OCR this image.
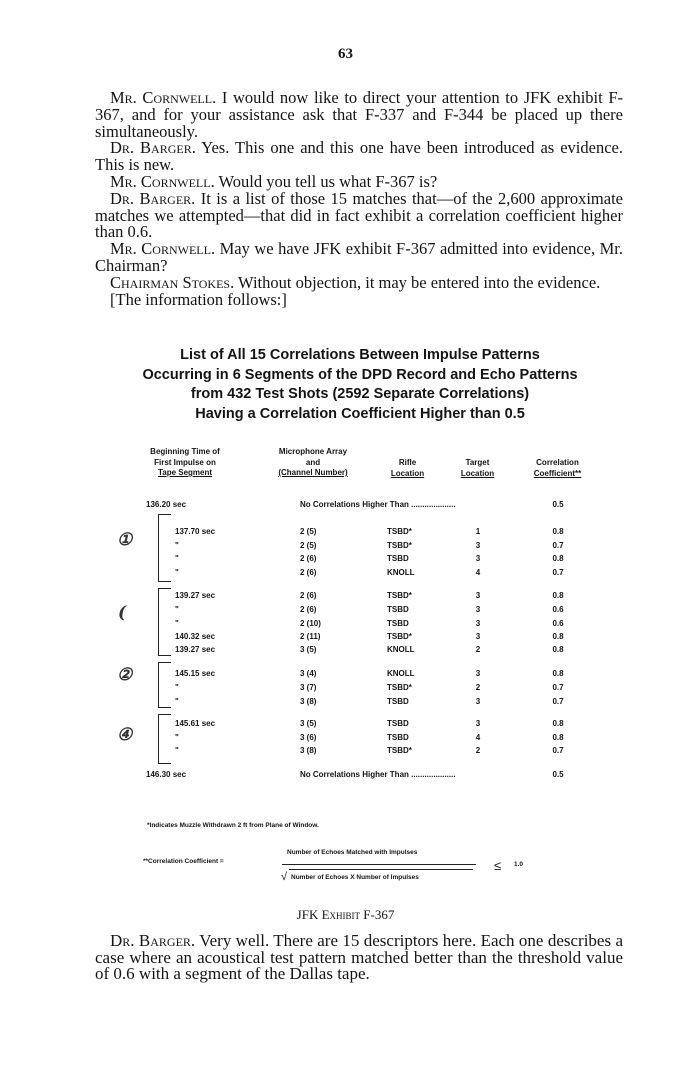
63

Mr. Cornwell. I would now like to direct your attention to JFK exhibit F-367, and for your assistance ask that F-337 and F-344 be placed up there simultaneously.

Dr. Barger. Yes. This one and this one have been introduced as evidence. This is new.

Mr. Cornwell. Would you tell us what F-367 is?

Dr. Barger. It is a list of those 15 matches that—of the 2,600 approximate matches we attempted—that did in fact exhibit a correlation coefficient higher than 0.6.

Mr. Cornwell. May we have JFK exhibit F-367 admitted into evidence, Mr. Chairman?

Chairman Stokes. Without objection, it may be entered into the evidence.

[The information follows:]

List of All 15 Correlations Between Impulse Patterns
Occurring in 6 Segments of the DPD Record and Echo Patterns
from 432 Test Shots (2592 Separate Correlations)
Having a Correlation Coefficient Higher than 0.5
Beginning Time of
First Impulse on
Tape Segment
Microphone Array
and
(Channel Number)
Rifle
Location
Target
Location
Correlation
Coefficient**
136.20 sec	No Correlations Higher Than ....................	0.5
137.70 sec	2 (5)	TSBD*	1	0.8
"	2 (5)	TSBD*	3	0.7
"	2 (6)	TSBD	3	0.8
"	2 (6)	KNOLL	4	0.7
139.27 sec	2 (6)	TSBD*	3	0.8
"	2 (6)	TSBD	3	0.6
"	2 (10)	TSBD	3	0.6
140.32 sec	2 (11)	TSBD*	3	0.8
139.27 sec	3 (5)	KNOLL	2	0.8
145.15 sec	3 (4)	KNOLL	3	0.8
"	3 (7)	TSBD*	2	0.7
"	3 (8)	TSBD	3	0.7
145.61 sec	3 (5)	TSBD	3	0.8
"	3 (6)	TSBD	4	0.8
"	3 (8)	TSBD*	2	0.7
146.30 sec	No Correlations Higher Than ....................	0.5
①
(
②
④
*Indicates Muzzle Withdrawn 2 ft from Plane of Window.
**Correlation Coefficient =
Number of Echoes Matched with Impulses
√ Number of Echoes X Number of Impulses
≤ 1.0
JFK Exhibit F-367

Dr. Barger. Very well. There are 15 descriptors here. Each one describes a case where an acoustical test pattern matched better than the threshold value of 0.6 with a segment of the Dallas tape.
